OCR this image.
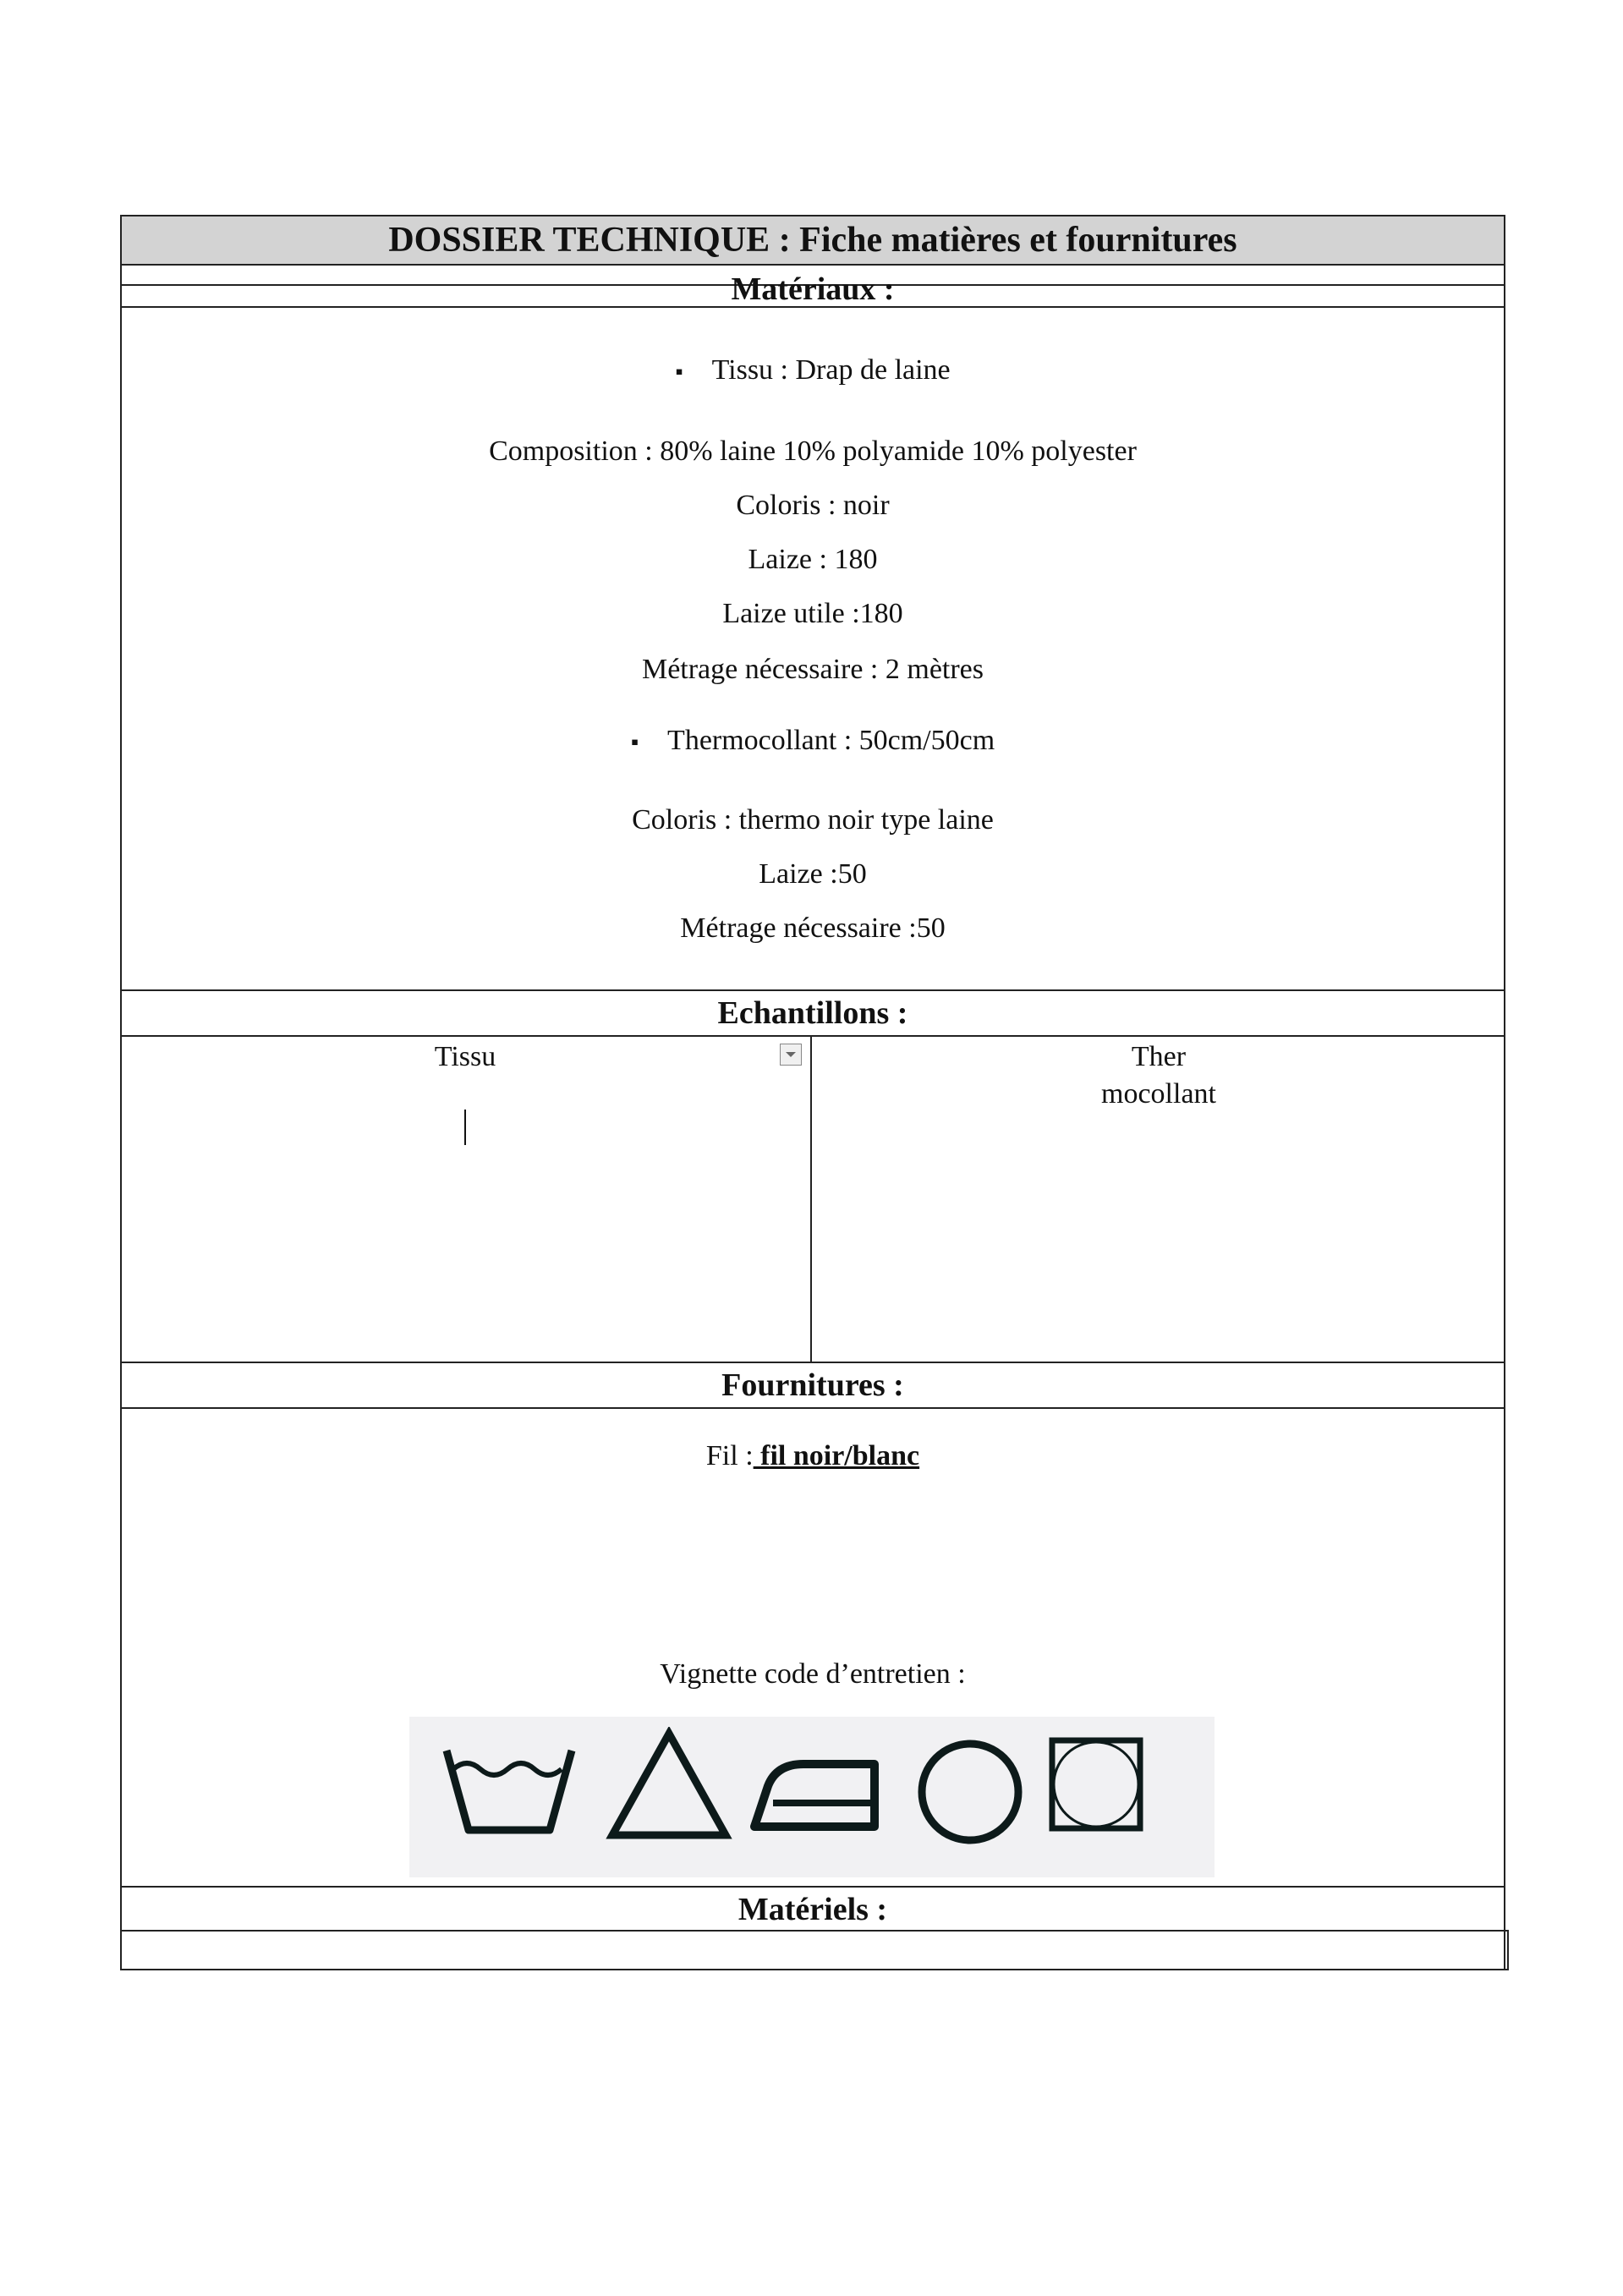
DOSSIER TECHNIQUE : Fiche matières et fournitures
Matériaux :
▪ Tissu : Drap de laine
Composition : 80% laine 10% polyamide 10% polyester
Coloris : noir
Laize : 180
Laize utile :180
Métrage nécessaire : 2 mètres
▪ Thermocollant : 50cm/50cm
Coloris : thermo noir type laine
Laize :50
Métrage nécessaire :50
Echantillons :
Tissu	Ther
mocollant
Fournitures :
Fil : fil noir/blanc
Vignette code d’entretien :
Matériels :
